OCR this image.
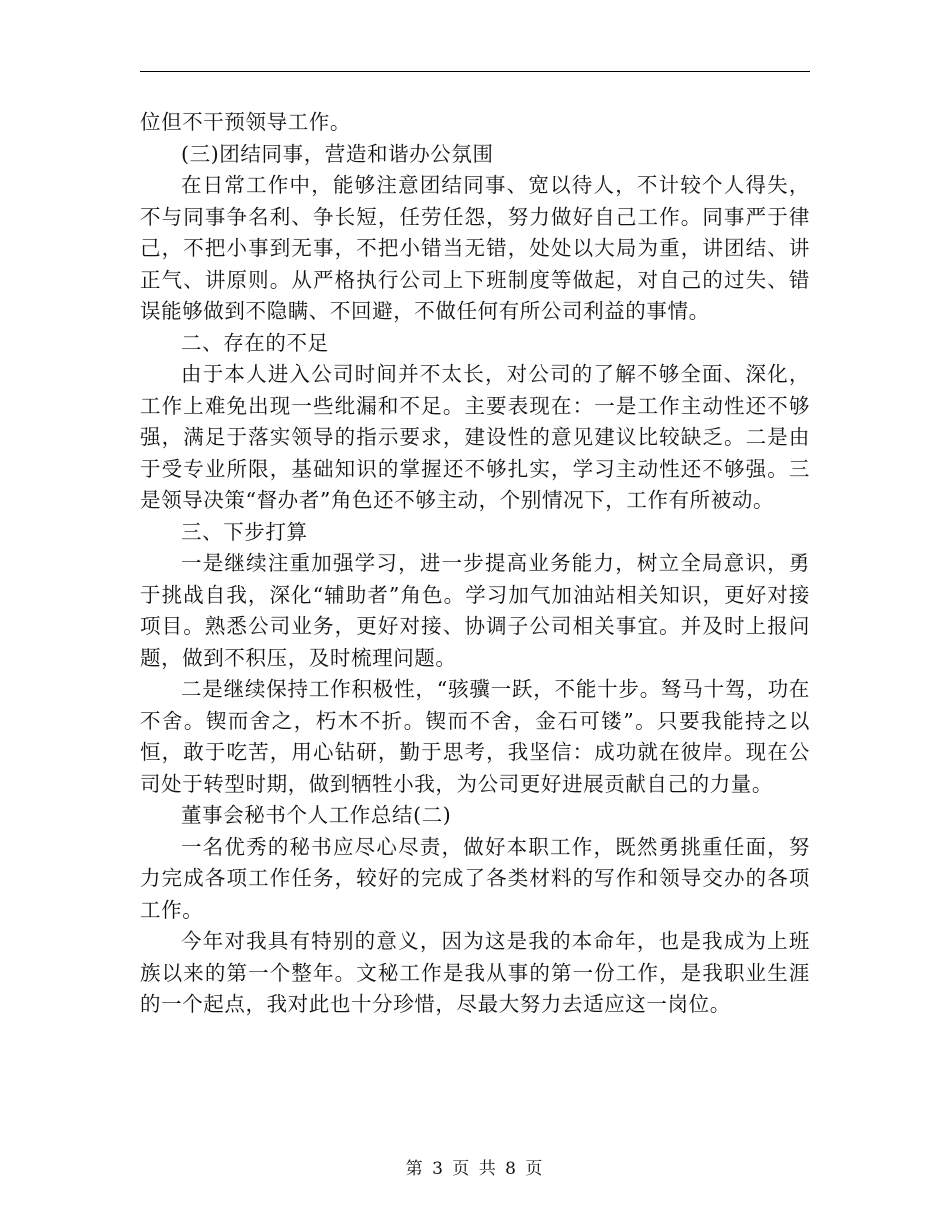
位但不干预领导工作。

(三)团结同事，营造和谐办公氛围

在日常工作中，能够注意团结同事、宽以待人，不计较个人得失，不与同事争名利、争长短，任劳任怨，努力做好自己工作。同事严于律己，不把小事到无事，不把小错当无错，处处以大局为重，讲团结、讲正气、讲原则。从严格执行公司上下班制度等做起，对自己的过失、错误能够做到不隐瞒、不回避，不做任何有所公司利益的事情。

二、存在的不足

由于本人进入公司时间并不太长，对公司的了解不够全面、深化，工作上难免出现一些纰漏和不足。主要表现在：一是工作主动性还不够强，满足于落实领导的指示要求，建设性的意见建议比较缺乏。二是由于受专业所限，基础知识的掌握还不够扎实，学习主动性还不够强。三是领导决策“督办者”角色还不够主动，个别情况下，工作有所被动。

三、下步打算

一是继续注重加强学习，进一步提高业务能力，树立全局意识，勇于挑战自我，深化“辅助者”角色。学习加气加油站相关知识，更好对接项目。熟悉公司业务，更好对接、协调子公司相关事宜。并及时上报问题，做到不积压，及时梳理问题。

二是继续保持工作积极性，“骇骥一跃，不能十步。驽马十驾，功在不舍。锲而舍之，朽木不折。锲而不舍，金石可镂”。只要我能持之以恒，敢于吃苦，用心钻研，勤于思考，我坚信：成功就在彼岸。现在公司处于转型时期，做到牺牲小我，为公司更好进展贡献自己的力量。

董事会秘书个人工作总结(二)

一名优秀的秘书应尽心尽责，做好本职工作，既然勇挑重任面，努力完成各项工作任务，较好的完成了各类材料的写作和领导交办的各项工作。

今年对我具有特别的意义，因为这是我的本命年，也是我成为上班族以来的第一个整年。文秘工作是我从事的第一份工作，是我职业生涯的一个起点，我对此也十分珍惜，尽最大努力去适应这一岗位。

第 3 页 共 8 页
